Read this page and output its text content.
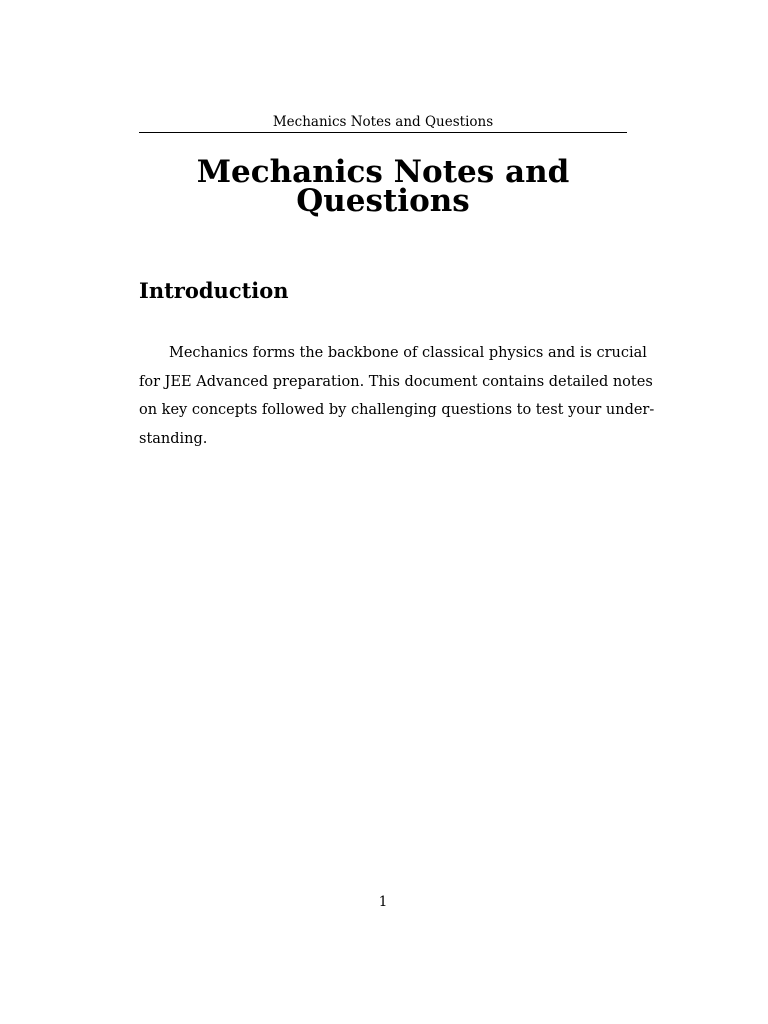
Mechanics Notes and Questions
Mechanics Notes and
Questions
Introduction

Mechanics forms the backbone of classical physics and is crucial
for JEE Advanced preparation. This document contains detailed notes
on key concepts followed by challenging questions to test your under-
standing.

1
